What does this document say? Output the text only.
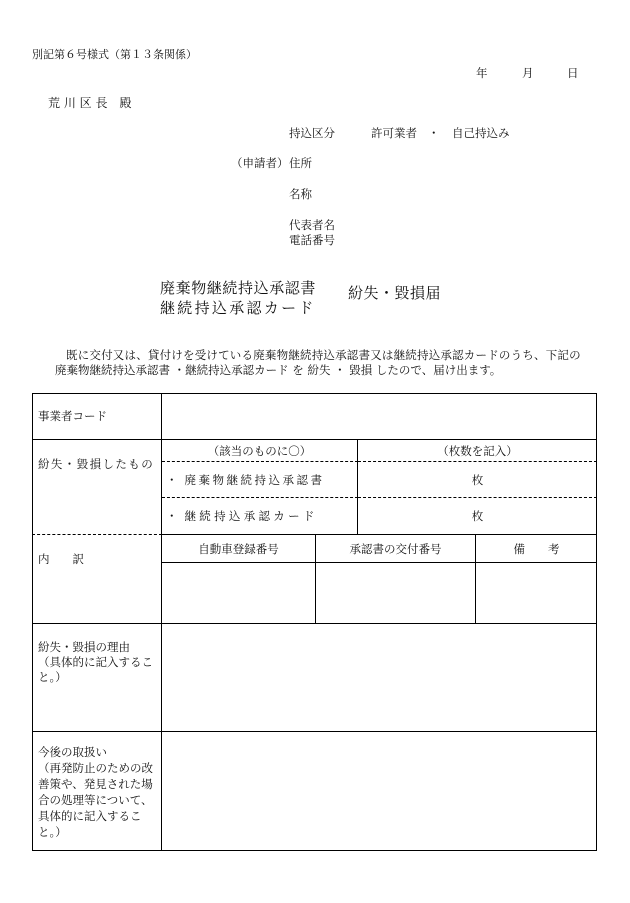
別記第６号様式（第１３条関係）
年	月	日
荒 川 区 長　殿
持込区分	許可業者 ・ 自己持込み
（申請者） 住所
名称
代表者名
電話番号
廃棄物継続持込承認書
継続持込承認カード
紛失・毀損届
既に交付又は、貸付けを受けている廃棄物継続持込承認書又は継続持込承認カードのうち、下記の
廃棄物継続持込承認書 ・継続持込承認カード を 紛失 ・ 毀損 したので、届け出ます。
事業者コード
紛失・毀損したもの
（該当のものに〇）	（枚数を記入）
・ 廃棄物継続持込承認書	枚
・ 継続持込承認カード	枚
内　　訳
自動車登録番号	承認書の交付番号	備　　考
紛失・毀損の理由
（具体的に記入するこ
と。）
今後の取扱い
（再発防止のための改
善策や、発見された場
合の処理等について、
具体的に記入するこ
と。）
